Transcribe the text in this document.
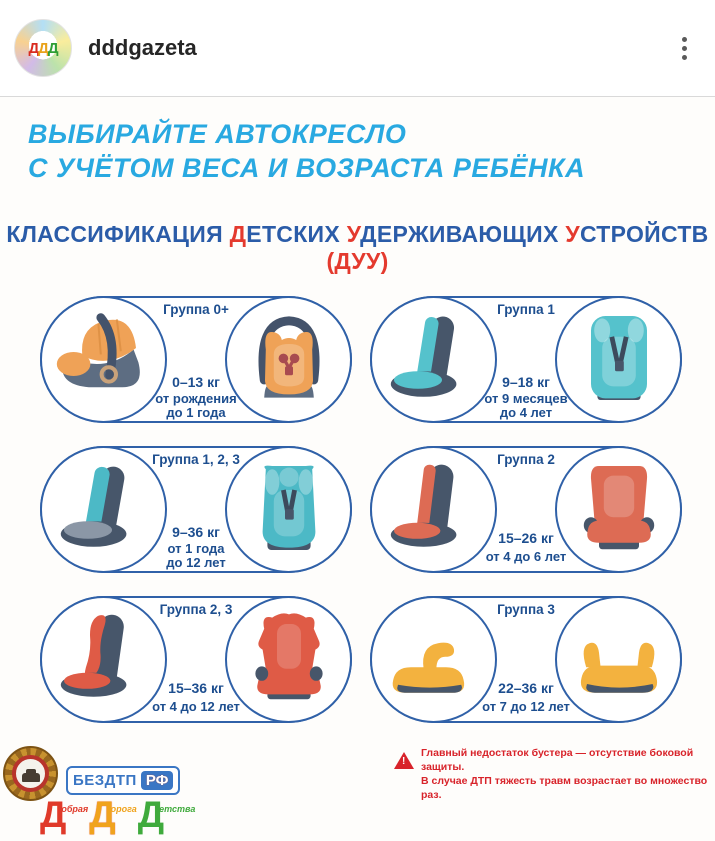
ДДД dddgazeta
ВЫБИРАЙТЕ АВТОКРЕСЛО
С УЧЁТОМ ВЕСА И ВОЗРАСТА РЕБЁНКА
КЛАССИФИКАЦИЯ ДЕТСКИХ УДЕРЖИВАЮЩИХ УСТРОЙСТВ (ДУУ)
Группа 0+
0–13 кг
от рождения
до 1 года
Группа 1
9–18 кг
от 9 месяцев
до 4 лет
Группа 1, 2, 3
9–36 кг
от 1 года
до 12 лет
Группа 2
15–26 кг
от 4 до 6 лет
Группа 2, 3
15–36 кг
от 4 до 12 лет
Группа 3
22–36 кг
от 7 до 12 лет
БЕЗДТП РФ
!
Главный недостаток бустера — отсутствие боковой защиты.
В случае ДТП тяжесть травм возрастает во множество раз.
$Д^{обрая}Д^{орога}Д^{етства}$
